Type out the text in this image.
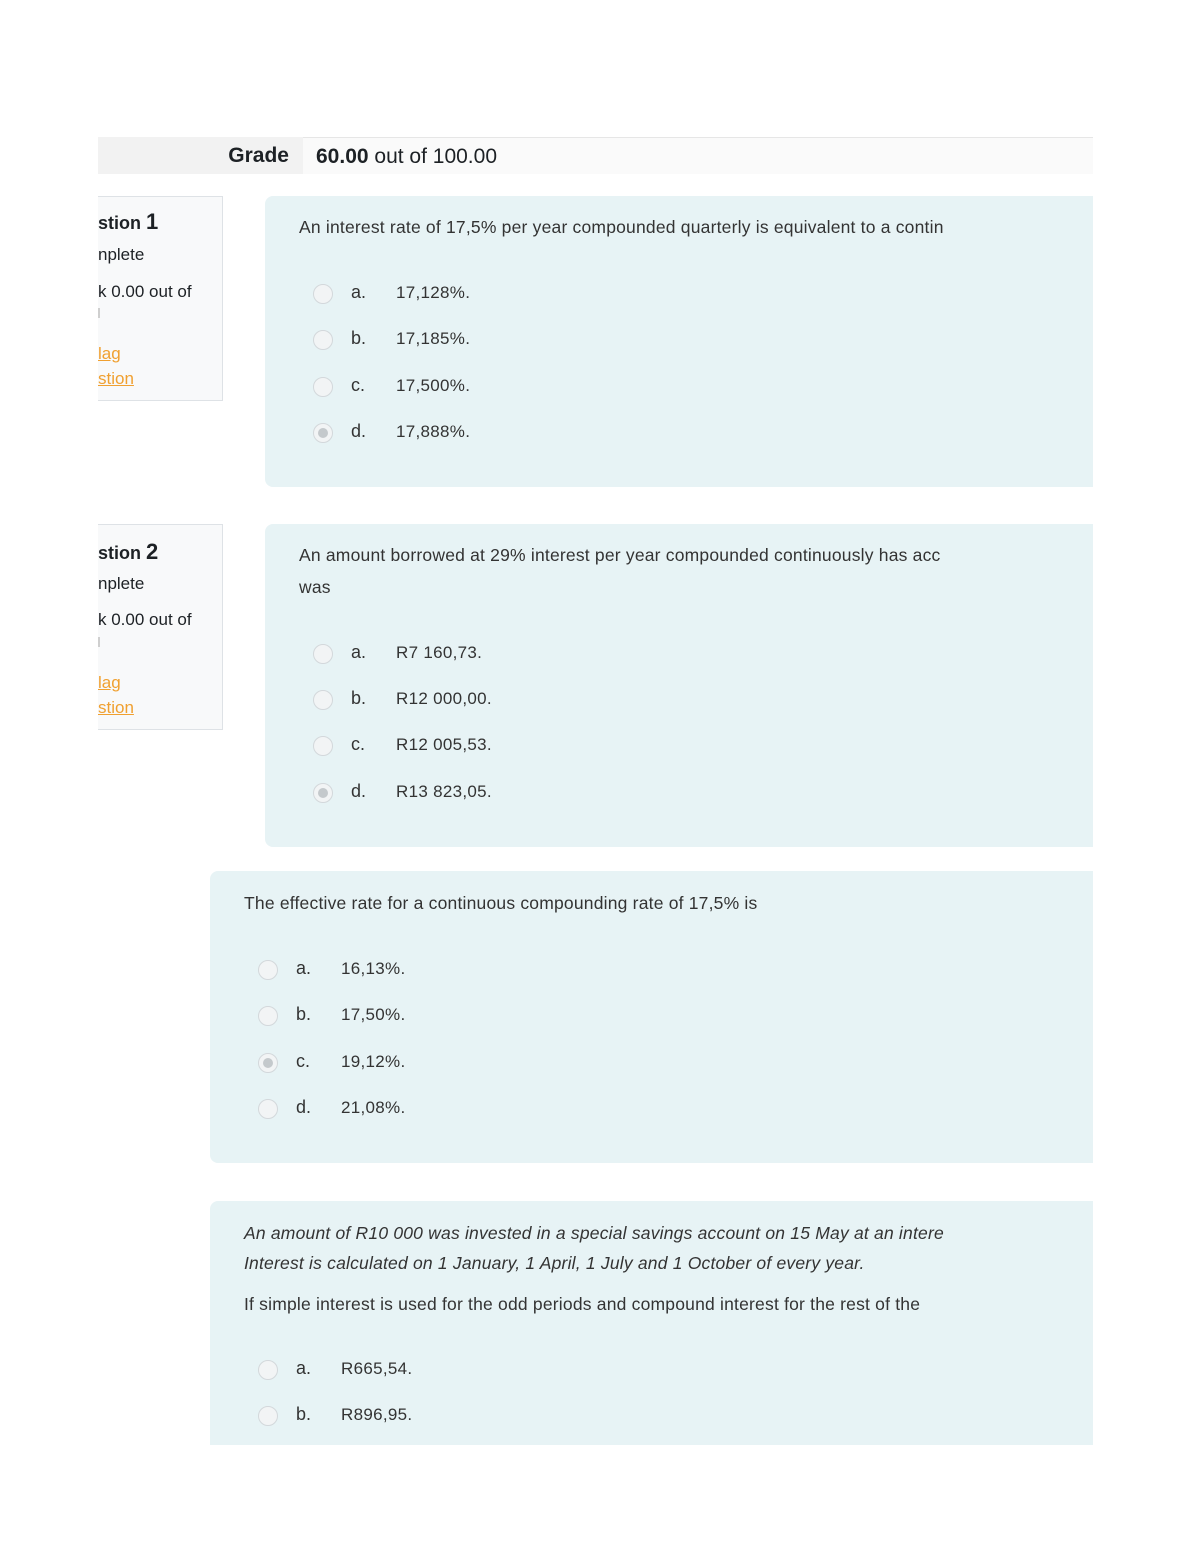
Grade 60.00 out of 100.00
stion 1
nplete
k 0.00 out of
lag
stion
An interest rate of 17,5% per year compounded quarterly is equivalent to a contin
a. 17,128%.
b. 17,185%.
c. 17,500%.
d. 17,888%.
stion 2
nplete
k 0.00 out of
lag
stion
An amount borrowed at 29% interest per year compounded continuously has acc
was
a. R7 160,73.
b. R12 000,00.
c. R12 005,53.
d. R13 823,05.
The effective rate for a continuous compounding rate of 17,5% is
a. 16,13%.
b. 17,50%.
c. 19,12%.
d. 21,08%.
An amount of R10 000 was invested in a special savings account on 15 May at an intere
Interest is calculated on 1 January, 1 April, 1 July and 1 October of every year.
If simple interest is used for the odd periods and compound interest for the rest of the
a. R665,54.
b. R896,95.
